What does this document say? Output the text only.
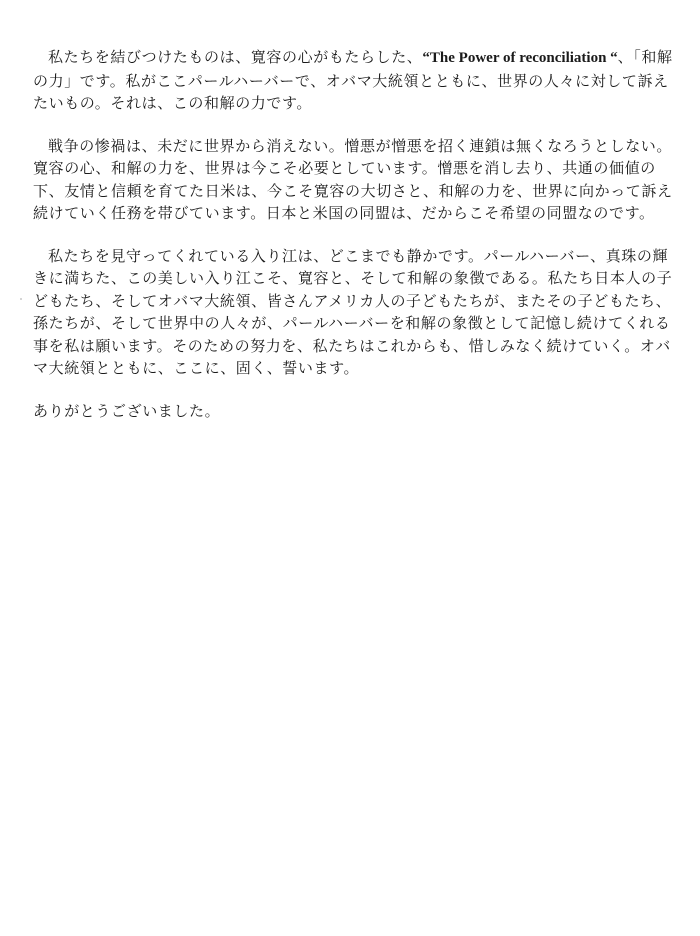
私たちを結びつけたものは、寛容の心がもたらした、“The Power of reconciliation “、「和解の力」です。私がここパールハーバーで、オバマ大統領とともに、世界の人々に対して訴えたいもの。それは、この和解の力です。

戦争の惨禍は、未だに世界から消えない。憎悪が憎悪を招く連鎖は無くなろうとしない。寛容の心、和解の力を、世界は今こそ必要としています。憎悪を消し去り、共通の価値の下、友情と信頼を育てた日米は、今こそ寛容の大切さと、和解の力を、世界に向かって訴え続けていく任務を帯びています。日本と米国の同盟は、だからこそ希望の同盟なのです。

私たちを見守ってくれている入り江は、どこまでも静かです。パールハーバー、真珠の輝きに満ちた、この美しい入り江こそ、寛容と、そして和解の象徴である。私たち日本人の子どもたち、そしてオバマ大統領、皆さんアメリカ人の子どもたちが、またその子どもたち、孫たちが、そして世界中の人々が、パールハーバーを和解の象徴として記憶し続けてくれる事を私は願います。そのための努力を、私たちはこれからも、惜しみなく続けていく。オバマ大統領とともに、ここに、固く、誓います。

ありがとうございました。
